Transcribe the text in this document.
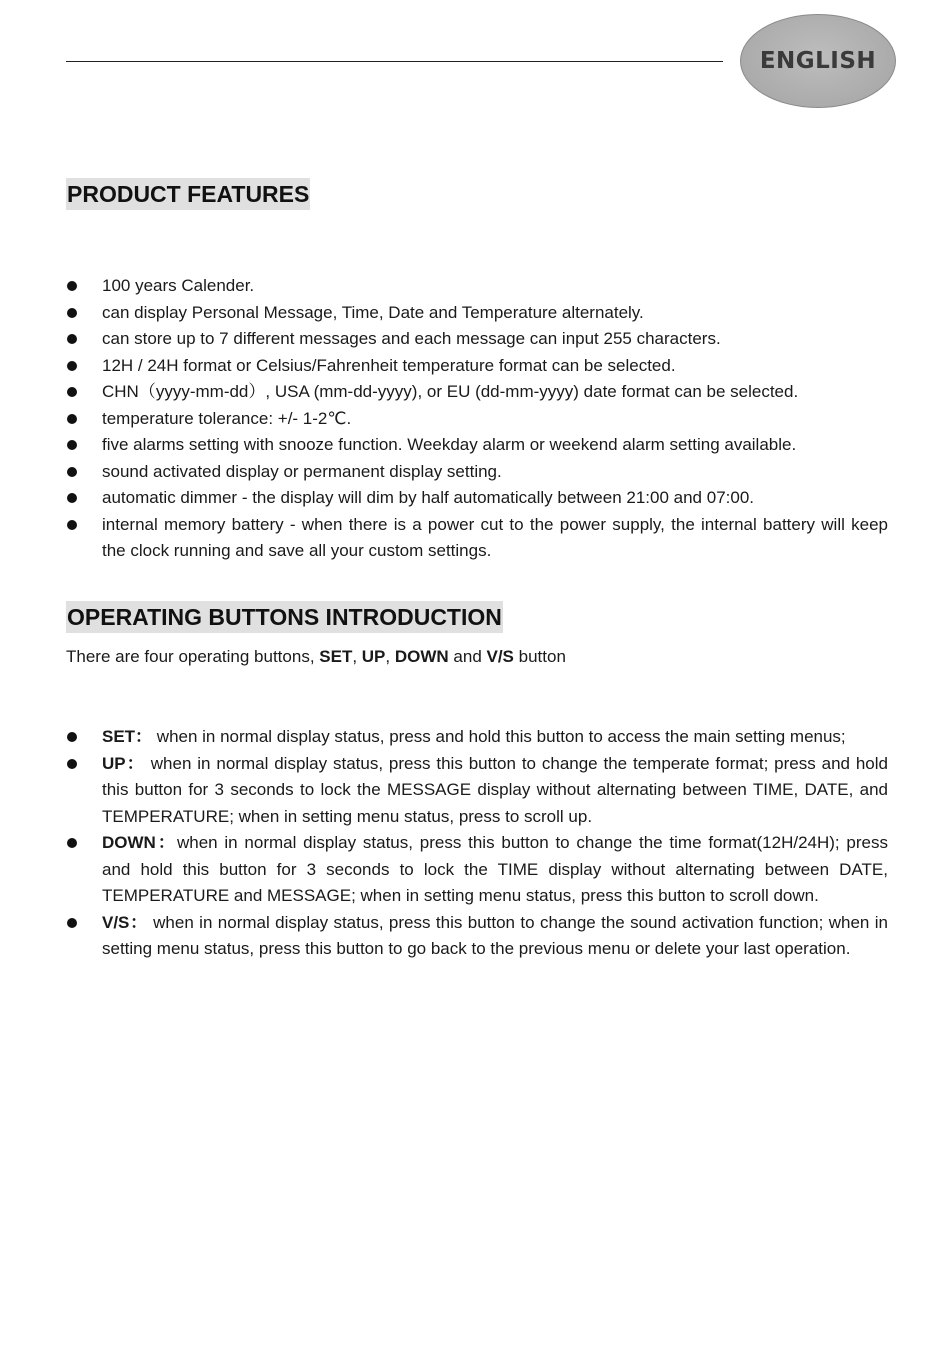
ENGLISH
PRODUCT FEATURES
100 years Calender.
can display Personal Message, Time, Date and Temperature alternately.
can store up to 7 different messages and each message can input 255 characters.
12H / 24H format or Celsius/Fahrenheit temperature format can be selected.
CHN（yyyy-mm-dd）, USA (mm-dd-yyyy), or EU (dd-mm-yyyy) date format can be selected.
temperature tolerance: +/- 1-2℃.
five alarms setting with snooze function. Weekday alarm or weekend alarm setting available.
sound activated display or permanent display setting.
automatic dimmer - the display will dim by half automatically between 21:00 and 07:00.
internal memory battery - when there is a power cut to the power supply, the internal battery will keep the clock running and save all your custom settings.
OPERATING BUTTONS INTRODUCTION

There are four operating buttons, SET, UP, DOWN and V/S button

SET： when in normal display status, press and hold this button to access the main setting menus;
UP： when in normal display status, press this button to change the temperate format; press and hold this button for 3 seconds to lock the MESSAGE display without alternating between TIME, DATE, and TEMPERATURE; when in setting menu status, press to scroll up.
DOWN：when in normal display status, press this button to change the time format(12H/24H); press and hold this button for 3 seconds to lock the TIME display without alternating between DATE, TEMPERATURE and MESSAGE; when in setting menu status, press this button to scroll down.
V/S： when in normal display status, press this button to change the sound activation function; when in setting menu status, press this button to go back to the previous menu or delete your last operation.
